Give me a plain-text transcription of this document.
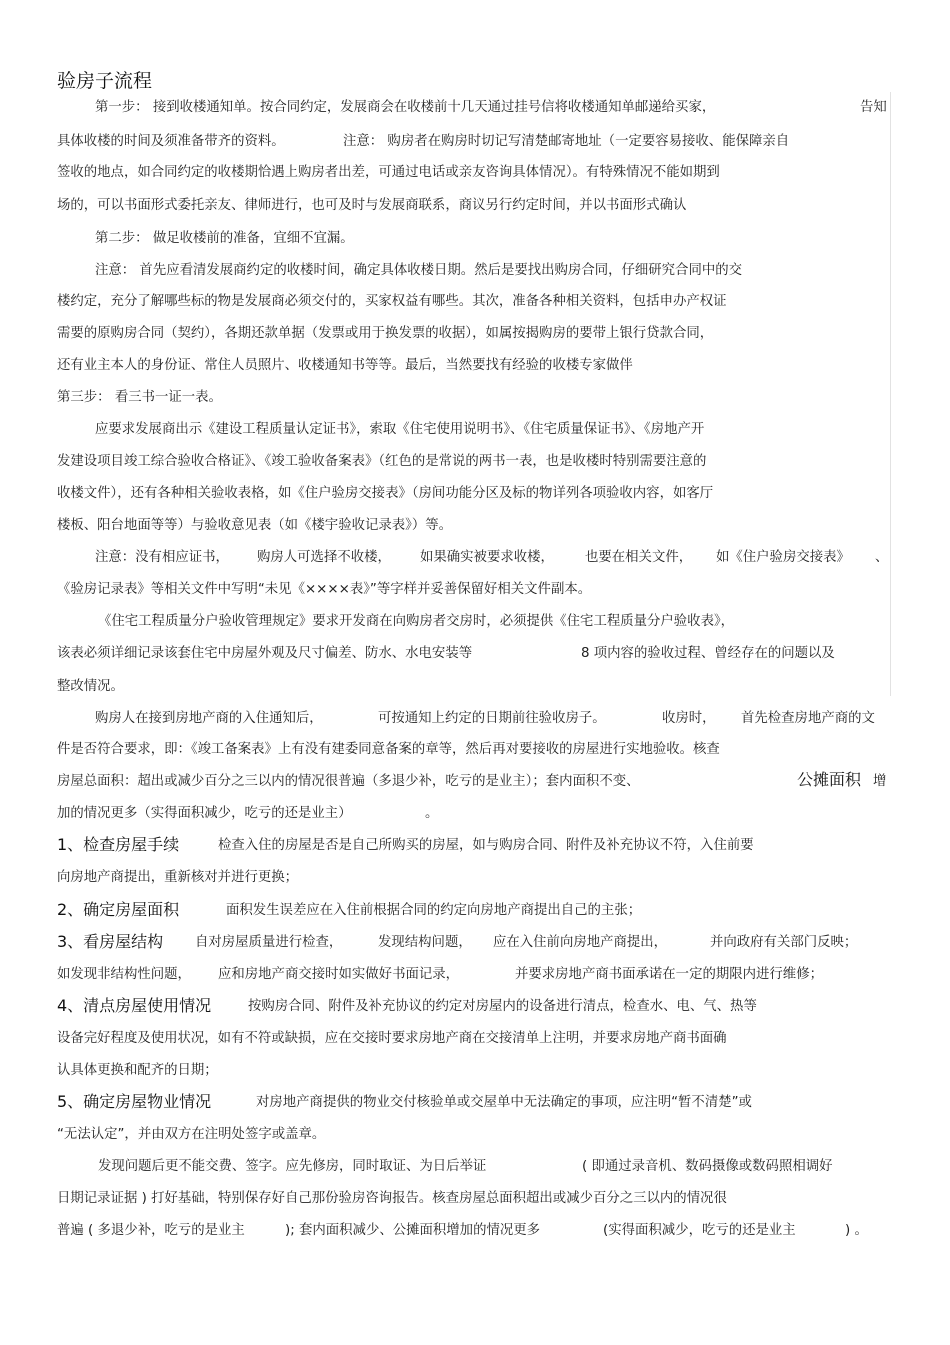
验房子流程
第一步： 接到收楼通知单。按合同约定，发展商会在收楼前十几天通过挂号信将收楼通知单邮递给买家，	告知
具体收楼的时间及须准备带齐的资料。	注意： 购房者在购房时切记写清楚邮寄地址（一定要容易接收、能保障亲自
签收的地点，如合同约定的收楼期恰遇上购房者出差，可通过电话或亲友咨询具体情况）。有特殊情况不能如期到
场的，可以书面形式委托亲友、律师进行，也可及时与发展商联系，商议另行约定时间，并以书面形式确认
第二步： 做足收楼前的准备，宜细不宜漏。
注意： 首先应看清发展商约定的收楼时间，确定具体收楼日期。然后是要找出购房合同，仔细研究合同中的交
楼约定，充分了解哪些标的物是发展商必须交付的，买家权益有哪些。其次，准备各种相关资料，包括申办产权证
需要的原购房合同（契约），各期还款单据（发票或用于换发票的收据），如属按揭购房的要带上银行贷款合同，
还有业主本人的身份证、常住人员照片、收楼通知书等等。最后，当然要找有经验的收楼专家做伴
第三步： 看三书一证一表。
应要求发展商出示《建设工程质量认定证书》，索取《住宅使用说明书》、《住宅质量保证书》、《房地产开
发建设项目竣工综合验收合格证》、《竣工验收备案表》（红色的是常说的两书一表，也是收楼时特别需要注意的
收楼文件），还有各种相关验收表格，如《住户验房交接表》（房间功能分区及标的物详列各项验收内容，如客厅
楼板、阳台地面等等）与验收意见表（如《楼宇验收记录表》）等。
注意：没有相应证书， 购房人可选择不收楼， 如果确实被要求收楼， 也要在相关文件， 如《住户验房交接表》 、
《验房记录表》等相关文件中写明“未见《××××表》”等字样并妥善保留好相关文件副本。
《住宅工程质量分户验收管理规定》要求开发商在向购房者交房时，必须提供《住宅工程质量分户验收表》，
该表必须详细记录该套住宅中房屋外观及尺寸偏差、防水、水电安装等	8 项内容的验收过程、曾经存在的问题以及
整改情况。
购房人在接到房地产商的入住通知后，	可按通知上约定的日期前往验收房子。	收房时， 首先检查房地产商的文
件是否符合要求，即：《竣工备案表》上有没有建委同意备案的章等，然后再对要接收的房屋进行实地验收。核查
房屋总面积：超出或减少百分之三以内的情况很普遍（多退少补，吃亏的是业主）；套内面积不变、	公摊面积 增
加的情况更多（实得面积减少，吃亏的还是业主）	。
1、检查房屋手续	检查入住的房屋是否是自己所购买的房屋，如与购房合同、附件及补充协议不符，入住前要
向房地产商提出，重新核对并进行更换；
2、确定房屋面积	面积发生误差应在入住前根据合同的约定向房地产商提出自己的主张；
3、看房屋结构 自对房屋质量进行检查，	发现结构问题， 应在入住前向房地产商提出，	并向政府有关部门反映；
如发现非结构性问题， 应和房地产商交接时如实做好书面记录，	并要求房地产商书面承诺在一定的期限内进行维修；
4、清点房屋使用情况	按购房合同、附件及补充协议的约定对房屋内的设备进行清点，检查水、电、气、热等
设备完好程度及使用状况，如有不符或缺损，应在交接时要求房地产商在交接清单上注明，并要求房地产商书面确
认具体更换和配齐的日期；
5、确定房屋物业情况	对房地产商提供的物业交付核验单或交屋单中无法确定的事项，应注明“暂不清楚”或
“无法认定”，并由双方在注明处签字或盖章。
发现问题后更不能交费、签字。应先修房，同时取证、为日后举证	( 即通过录音机、数码摄像或数码照相调好
日期记录证据 ) 打好基础，特别保存好自己那份验房咨询报告。核查房屋总面积超出或减少百分之三以内的情况很
普遍 ( 多退少补，吃亏的是业主	); 套内面积减少、公摊面积增加的情况更多	(实得面积减少，吃亏的还是业主	) 。
